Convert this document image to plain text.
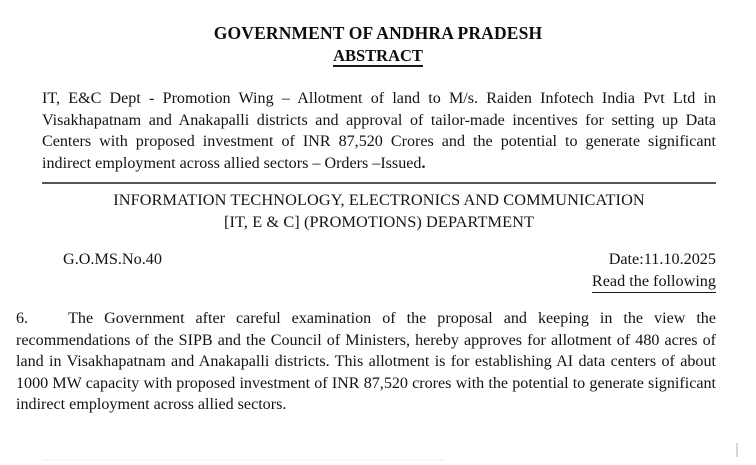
GOVERNMENT OF ANDHRA PRADESH
ABSTRACT
IT, E&C Dept - Promotion Wing – Allotment of land to M/s. Raiden Infotech India Pvt Ltd in Visakhapatnam and Anakapalli districts and approval of tailor-made incentives for setting up Data Centers with proposed investment of INR 87,520 Crores and the potential to generate significant indirect employment across allied sectors – Orders –Issued.
INFORMATION TECHNOLOGY, ELECTRONICS AND COMMUNICATION
[IT, E & C] (PROMOTIONS) DEPARTMENT
G.O.MS.No.40	Date:11.10.2025
Read the following
6. The Government after careful examination of the proposal and keeping in the view the recommendations of the SIPB and the Council of Ministers, hereby approves for allotment of 480 acres of land in Visakhapatnam and Anakapalli districts. This allotment is for establishing AI data centers of about 1000 MW capacity with proposed investment of INR 87,520 crores with the potential to generate significant indirect employment across allied sectors.
——————————————————————————
